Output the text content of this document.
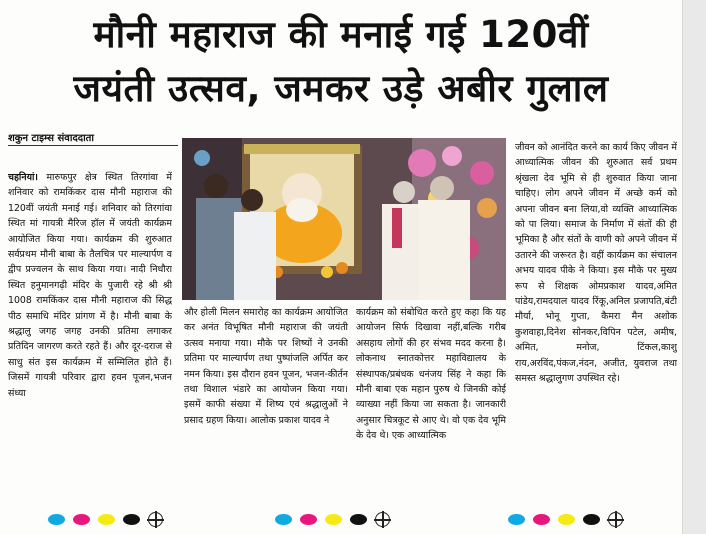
मौनी महाराज की मनाई गई 120वीं
जयंती उत्सव, जमकर उड़े अबीर गुलाल
शकुन टाइम्स संवाददाता

चहनियां। मारुफपुर क्षेत्र स्थित तिरगांवा में शनिवार को रामकिंकर दास मौनी महाराज की 120वीं जयंती मनाई गई। शनिवार को तिरगांवा स्थित मां गायत्री मैरिज हॉल में जयंती कार्यक्रम आयोजित किया गया। कार्यक्रम की शुरुआत सर्वप्रथम मौनी बाबा के तैलचित्र पर माल्यार्पण व द्वीप प्रज्वलन के साथ किया गया। नादी निधौरा स्थित हनुमानगढ़ी मंदिर के पुजारी रहे श्री श्री 1008 रामकिंकर दास मौनी महाराज की सिद्ध पीठ समाधि मंदिर प्रांगण में है। मौनी बाबा के श्रद्धालु जगह जगह उनकी प्रतिमा लगाकर प्रतिदिन जागरण करते रहते हैं। और दूर-दराज से साधु संत इस कार्यक्रम में सम्मिलित होते हैं। जिसमें गायत्री परिवार द्वारा हवन पूजन,भजन संध्या

और होली मिलन समारोह का कार्यक्रम आयोजित कर अनंत विभूषित मौनी महाराज की जयंती उत्सव मनाया गया। मौके पर शिष्यों ने उनकी प्रतिमा पर माल्यार्पण तथा पुष्पांजलि अर्पित कर नमन किया। इस दौरान हवन पूजन, भजन-कीर्तन तथा विशाल भंडारे का आयोजन किया गया। इसमें काफी संख्या में शिष्य एवं श्रद्धालुओं ने प्रसाद ग्रहण किया। आलोक प्रकाश यादव ने

कार्यक्रम को संबोधित करते हुए कहा कि यह आयोजन सिर्फ दिखावा नहीं,बल्कि गरीब असहाय लोगों की हर संभव मदद करना है। लोकनाथ स्नातकोत्तर महाविद्यालय के संस्थापक/प्रबंधक धनंजय सिंह ने कहा कि मौनी बाबा एक महान पुरुष थे जिनकी कोई व्याख्या नहीं किया जा सकता है। जानकारी अनुसार चित्रकूट से आए थे। वो एक देव भूमि के देव थे। एक आध्यात्मिक

जीवन को आनंदित करने का कार्य किए जीवन में आध्यात्मिक जीवन की शुरुआत सर्व प्रथम श्रृंखला देव भूमि से ही शुरुवात किया जाना चाहिए। लोग अपने जीवन में अच्छे कर्म को अपना जीवन बना लिया,वो व्यक्ति आध्यात्मिक को पा लिया। समाज के निर्माण में संतों की ही भूमिका है और संतों के वाणी को अपने जीवन में उतारने की जरूरत है। वहीं कार्यक्रम का संचालन अभय यादव पीके ने किया। इस मौके पर मुख्य रूप से शिक्षक ओमप्रकाश यादव,अमित पांडेय,रामदयाल यादव रिंकू,अनिल प्रजापति,बंटी मौर्या, भोनू गुप्ता, कैमरा मैन अशोक कुशवाहा,दिनेश सोनकर,विपिन पटेल, अमीष, अमित, मनोज, टिंकल,काशु राय,अरविंद,पंकज,नंदन, अजीत, युवराज तथा समस्त श्रद्धालुगण उपस्थित रहे।
